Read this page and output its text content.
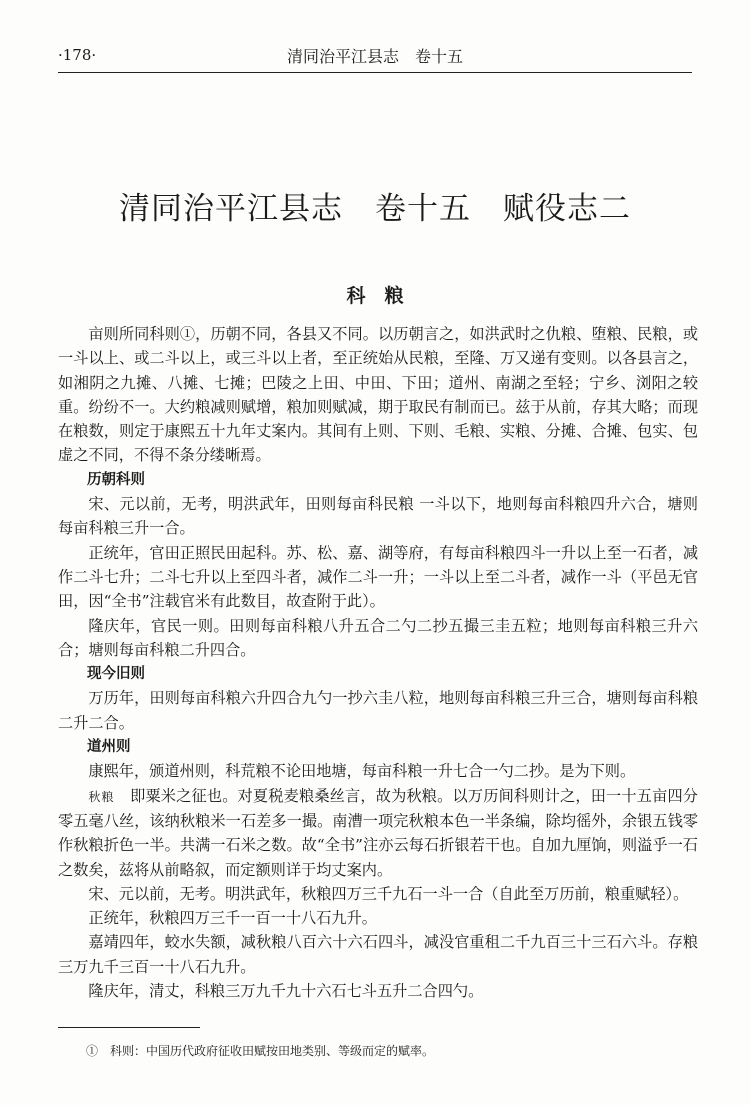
·178·	清同治平江县志　卷十五
清同治平江县志　卷十五　赋役志二
科　粮

亩则所同科则①，历朝不同，各县又不同。以历朝言之，如洪武时之仇粮、堕粮、民粮，或一斗以上、或二斗以上，或三斗以上者，至正统始从民粮，至隆、万又递有变则。以各县言之，如湘阴之九摊、八摊、七摊；巴陵之上田、中田、下田；道州、南湖之至轻；宁乡、浏阳之较重。纷纷不一。大约粮减则赋增，粮加则赋减，期于取民有制而已。兹于从前，存其大略；而现在粮数，则定于康熙五十九年丈案内。其间有上则、下则、毛粮、实粮、分摊、合摊、包实、包虚之不同，不得不条分缕晰焉。

历朝科则

宋、元以前，无考，明洪武年，田则每亩科民粮 一斗以下，地则每亩科粮四升六合，塘则每亩科粮三升一合。

正统年，官田正照民田起科。苏、松、嘉、湖等府，有每亩科粮四斗一升以上至一石者，减作二斗七升；二斗七升以上至四斗者，减作二斗一升；一斗以上至二斗者，减作一斗（平邑无官田，因“全书”注载官米有此数目，故查附于此）。

隆庆年，官民一则。田则每亩科粮八升五合二勺二抄五撮三圭五粒；地则每亩科粮三升六合；塘则每亩科粮二升四合。

现今旧则

万历年，田则每亩科粮六升四合九勺一抄六圭八粒，地则每亩科粮三升三合，塘则每亩科粮二升二合。

道州则

康熙年，颁道州则，科荒粮不论田地塘，每亩科粮一升七合一勺二抄。是为下则。

秋粮　即粟米之征也。对夏税麦粮桑丝言，故为秋粮。以万历间科则计之，田一十五亩四分零五毫八丝，该纳秋粮米一石差多一撮。南漕一项完秋粮本色一半条编，除均徭外，余银五钱零作秋粮折色一半。共满一石米之数。故“全书”注亦云每石折银若干也。自加九厘饷，则溢乎一石之数矣，兹将从前略叙，而定额则详于均丈案内。

宋、元以前，无考。明洪武年，秋粮四万三千九石一斗一合（自此至万历前，粮重赋轻）。

正统年，秋粮四万三千一百一十八石九升。

嘉靖四年，蛟水失额，减秋粮八百六十六石四斗，减没官重租二千九百三十三石六斗。存粮三万九千三百一十八石九升。

隆庆年，清丈，科粮三万九千九十六石七斗五升二合四勺。

①　科则：中国历代政府征收田赋按田地类别、等级而定的赋率。
